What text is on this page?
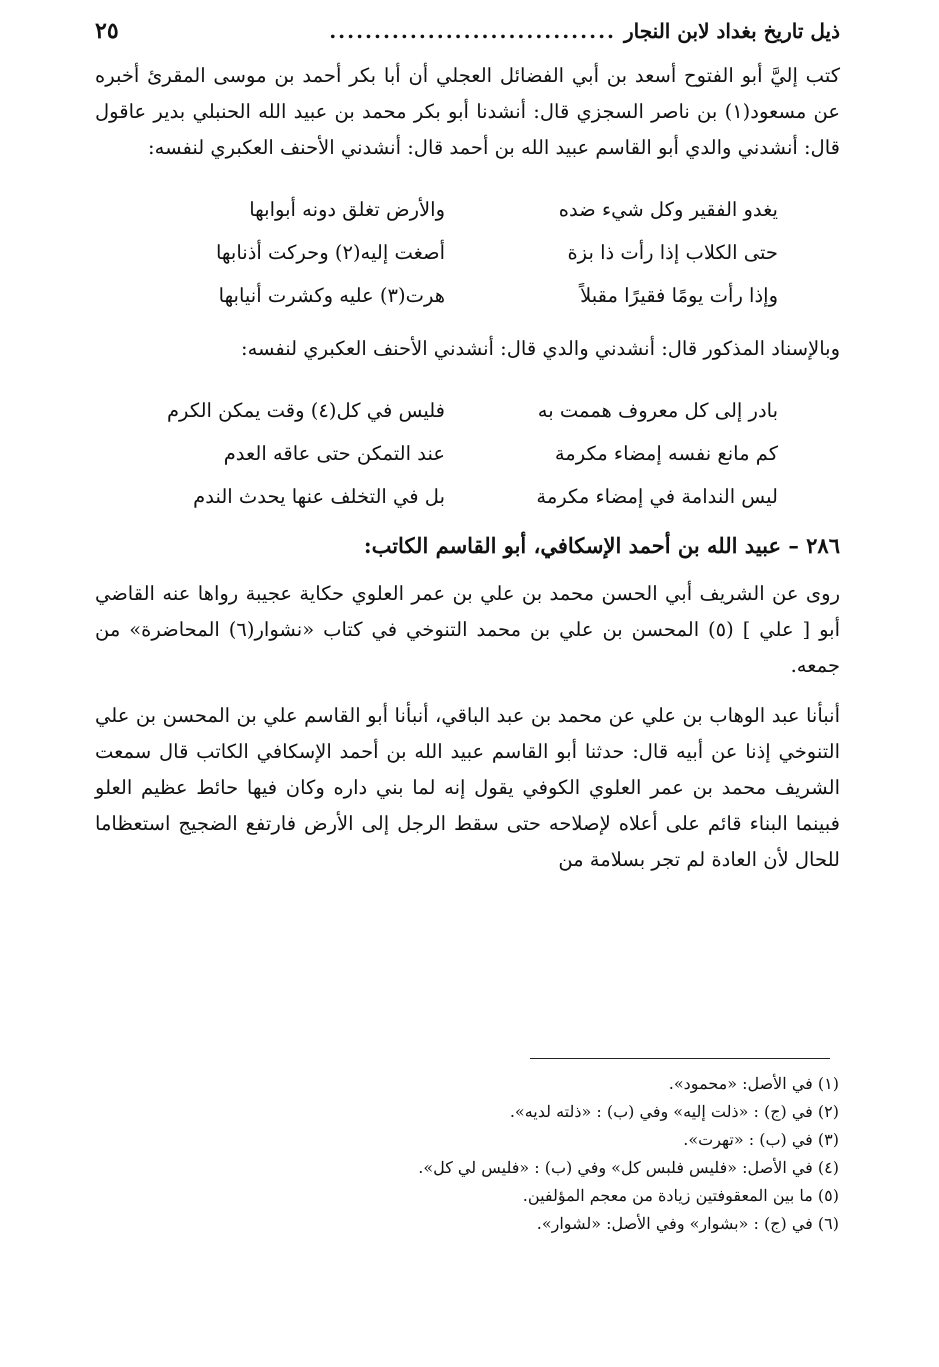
ذيل تاريخ بغداد لابن النجار
................................
٢٥

كتب إليَّ أبو الفتوح أسعد بن أبي الفضائل العجلي أن أبا بكر أحمد بن موسى المقرئ أخبره عن مسعود(١) بن ناصر السجزي قال: أنشدنا أبو بكر محمد بن عبيد الله الحنبلي بدير عاقول قال: أنشدني والدي أبو القاسم عبيد الله بن أحمد قال: أنشدني الأحنف العكبري لنفسه:

يغدو الفقير وكل شيء ضده
والأرض تغلق دونه أبوابها
حتى الكلاب إذا رأت ذا بزة
أصغت إليه(٢) وحركت أذنابها
وإذا رأت يومًا فقيرًا مقبلاً
هرت(٣) عليه وكشرت أنيابها

وبالإسناد المذكور قال: أنشدني والدي قال: أنشدني الأحنف العكبري لنفسه:

بادر إلى كل معروف هممت به
فليس في كل(٤) وقت يمكن الكرم
كم مانع نفسه إمضاء مكرمة
عند التمكن حتى عاقه العدم
ليس الندامة في إمضاء مكرمة
بل في التخلف عنها يحدث الندم
٢٨٦ – عبيد الله بن أحمد الإسكافي، أبو القاسم الكاتب:

روى عن الشريف أبي الحسن محمد بن علي بن عمر العلوي حكاية عجيبة رواها عنه القاضي أبو [ علي ] (٥) المحسن بن علي بن محمد التنوخي في كتاب «نشوار(٦) المحاضرة» من جمعه.

أنبأنا عبد الوهاب بن علي عن محمد بن عبد الباقي، أنبأنا أبو القاسم علي بن المحسن بن علي التنوخي إذنا عن أبيه قال: حدثنا أبو القاسم عبيد الله بن أحمد الإسكافي الكاتب قال سمعت الشريف محمد بن عمر العلوي الكوفي يقول إنه لما بني داره وكان فيها حائط عظيم العلو فبينما البناء قائم على أعلاه لإصلاحه حتى سقط الرجل إلى الأرض فارتفع الضجيج استعظاما للحال لأن العادة لم تجر بسلامة من

(١) في الأصل: «محمود».
(٢) في (ج) : «ذلت إليه» وفي (ب) : «ذلته لديه».
(٣) في (ب) : «تهرت».
(٤) في الأصل: «فليس فلبس كل» وفي (ب) : «فليس لي كل».
(٥) ما بين المعقوفتين زيادة من معجم المؤلفين.
(٦) في (ج) : «بشوار» وفي الأصل: «لشوار».
